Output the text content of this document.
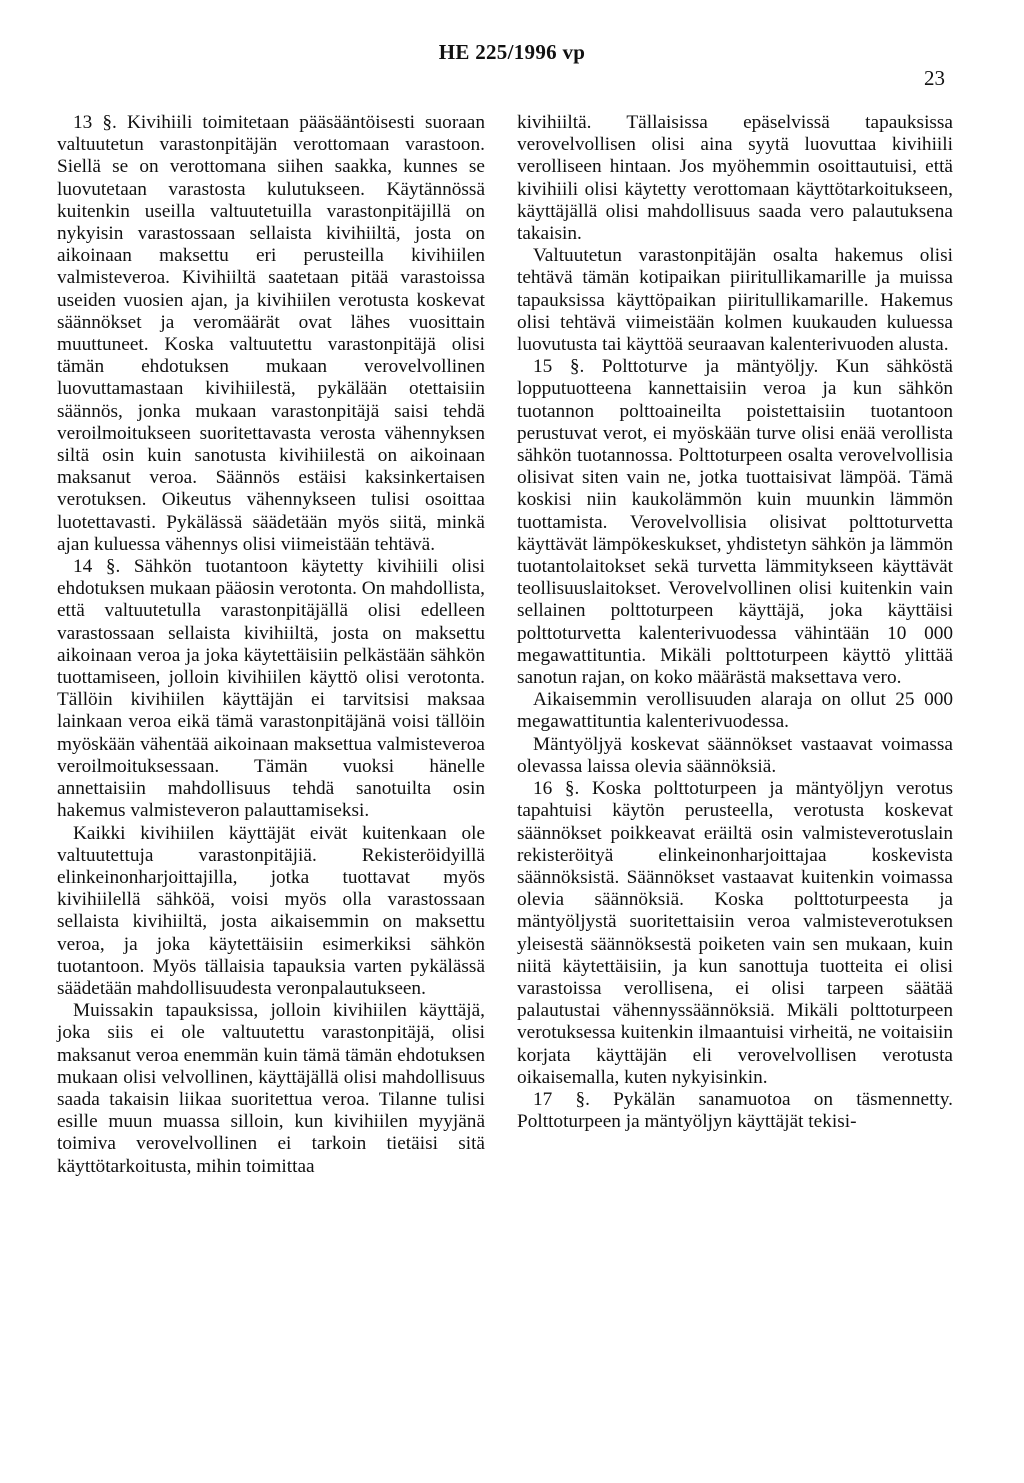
HE 225/1996 vp
23

13 §. Kivihiili toimitetaan pääsääntöisesti suoraan valtuutetun varastonpitäjän verottomaan varastoon. Siellä se on verottomana siihen saakka, kunnes se luovutetaan varastosta kulutukseen. Käytännössä kuitenkin useilla valtuutetuilla varastonpitäjillä on nykyisin varastossaan sellaista kivihiiltä, josta on aikoinaan maksettu eri perusteilla kivihiilen valmisteveroa. Kivihiiltä saatetaan pitää varastoissa useiden vuosien ajan, ja kivihiilen verotusta koskevat säännökset ja veromäärät ovat lähes vuosittain muuttuneet. Koska valtuutettu varastonpitäjä olisi tämän ehdotuksen mukaan verovelvollinen luovuttamastaan kivihiilestä, pykälään otettaisiin säännös, jonka mukaan varastonpitäjä saisi tehdä veroilmoitukseen suoritettavasta verosta vähennyksen siltä osin kuin sanotusta kivihiilestä on aikoinaan maksanut veroa. Säännös estäisi kaksinkertaisen verotuksen. Oikeutus vähennykseen tulisi osoittaa luotettavasti. Pykälässä säädetään myös siitä, minkä ajan kuluessa vähennys olisi viimeistään tehtävä.

14 §. Sähkön tuotantoon käytetty kivihiili olisi ehdotuksen mukaan pääosin verotonta. On mahdollista, että valtuutetulla varastonpitäjällä olisi edelleen varastossaan sellaista kivihiiltä, josta on maksettu aikoinaan veroa ja joka käytettäisiin pelkästään sähkön tuottamiseen, jolloin kivihiilen käyttö olisi verotonta. Tällöin kivihiilen käyttäjän ei tarvitsisi maksaa lainkaan veroa eikä tämä varastonpitäjänä voisi tällöin myöskään vähentää aikoinaan maksettua valmisteveroa veroilmoituksessaan. Tämän vuoksi hänelle annettaisiin mahdollisuus tehdä sanotuilta osin hakemus valmisteveron palauttamiseksi.

Kaikki kivihiilen käyttäjät eivät kuitenkaan ole valtuutettuja varastonpitäjiä. Rekisteröidyillä elinkeinonharjoittajilla, jotka tuottavat myös kivihiilellä sähköä, voisi myös olla varastossaan sellaista kivihiiltä, josta aikaisemmin on maksettu veroa, ja joka käytettäisiin esimerkiksi sähkön tuotantoon. Myös tällaisia tapauksia varten pykälässä säädetään mahdollisuudesta veronpalautukseen.

Muissakin tapauksissa, jolloin kivihiilen käyttäjä, joka siis ei ole valtuutettu varastonpitäjä, olisi maksanut veroa enemmän kuin tämä tämän ehdotuksen mukaan olisi velvollinen, käyttäjällä olisi mahdollisuus saada takaisin liikaa suoritettua veroa. Tilanne tulisi esille muun muassa silloin, kun kivihiilen myyjänä toimiva verovelvollinen ei tarkoin tietäisi sitä käyttötarkoitusta, mihin toimittaa

kivihiiltä. Tällaisissa epäselvissä tapauksissa verovelvollisen olisi aina syytä luovuttaa kivihiili verolliseen hintaan. Jos myöhemmin osoittautuisi, että kivihiili olisi käytetty verottomaan käyttötarkoitukseen, käyttäjällä olisi mahdollisuus saada vero palautuksena takaisin.

Valtuutetun varastonpitäjän osalta hakemus olisi tehtävä tämän kotipaikan piiritullikamarille ja muissa tapauksissa käyttöpaikan piiritullikamarille. Hakemus olisi tehtävä viimeistään kolmen kuukauden kuluessa luovutusta tai käyttöä seuraavan kalenterivuoden alusta.

15 §. Polttoturve ja mäntyöljy. Kun sähköstä lopputuotteena kannettaisiin veroa ja kun sähkön tuotannon polttoaineilta poistettaisiin tuotantoon perustuvat verot, ei myöskään turve olisi enää verollista sähkön tuotannossa. Polttoturpeen osalta verovelvollisia olisivat siten vain ne, jotka tuottaisivat lämpöä. Tämä koskisi niin kaukolämmön kuin muunkin lämmön tuottamista. Verovelvollisia olisivat polttoturvetta käyttävät lämpökeskukset, yhdistetyn sähkön ja lämmön tuotantolaitokset sekä turvetta lämmitykseen käyttävät teollisuuslaitokset. Verovelvollinen olisi kuitenkin vain sellainen polttoturpeen käyttäjä, joka käyttäisi polttoturvetta kalenterivuodessa vähintään 10 000 megawattituntia. Mikäli polttoturpeen käyttö ylittää sanotun rajan, on koko määrästä maksettava vero.

Aikaisemmin verollisuuden alaraja on ollut 25 000 megawattituntia kalenterivuodessa.

Mäntyöljyä koskevat säännökset vastaavat voimassa olevassa laissa olevia säännöksiä.

16 §. Koska polttoturpeen ja mäntyöljyn verotus tapahtuisi käytön perusteella, verotusta koskevat säännökset poikkeavat eräiltä osin valmisteverotuslain rekisteröityä elinkeinonharjoittajaa koskevista säännöksistä. Säännökset vastaavat kuitenkin voimassa olevia säännöksiä. Koska polttoturpeesta ja mäntyöljystä suoritettaisiin veroa valmisteverotuksen yleisestä säännöksestä poiketen vain sen mukaan, kuin niitä käytettäisiin, ja kun sanottuja tuotteita ei olisi varastoissa verollisena, ei olisi tarpeen säätää palautustai vähennyssäännöksiä. Mikäli polttoturpeen verotuksessa kuitenkin ilmaantuisi virheitä, ne voitaisiin korjata käyttäjän eli verovelvollisen verotusta oikaisemalla, kuten nykyisinkin.

17 §. Pykälän sanamuotoa on täsmennetty. Polttoturpeen ja mäntyöljyn käyttäjät tekisi-
